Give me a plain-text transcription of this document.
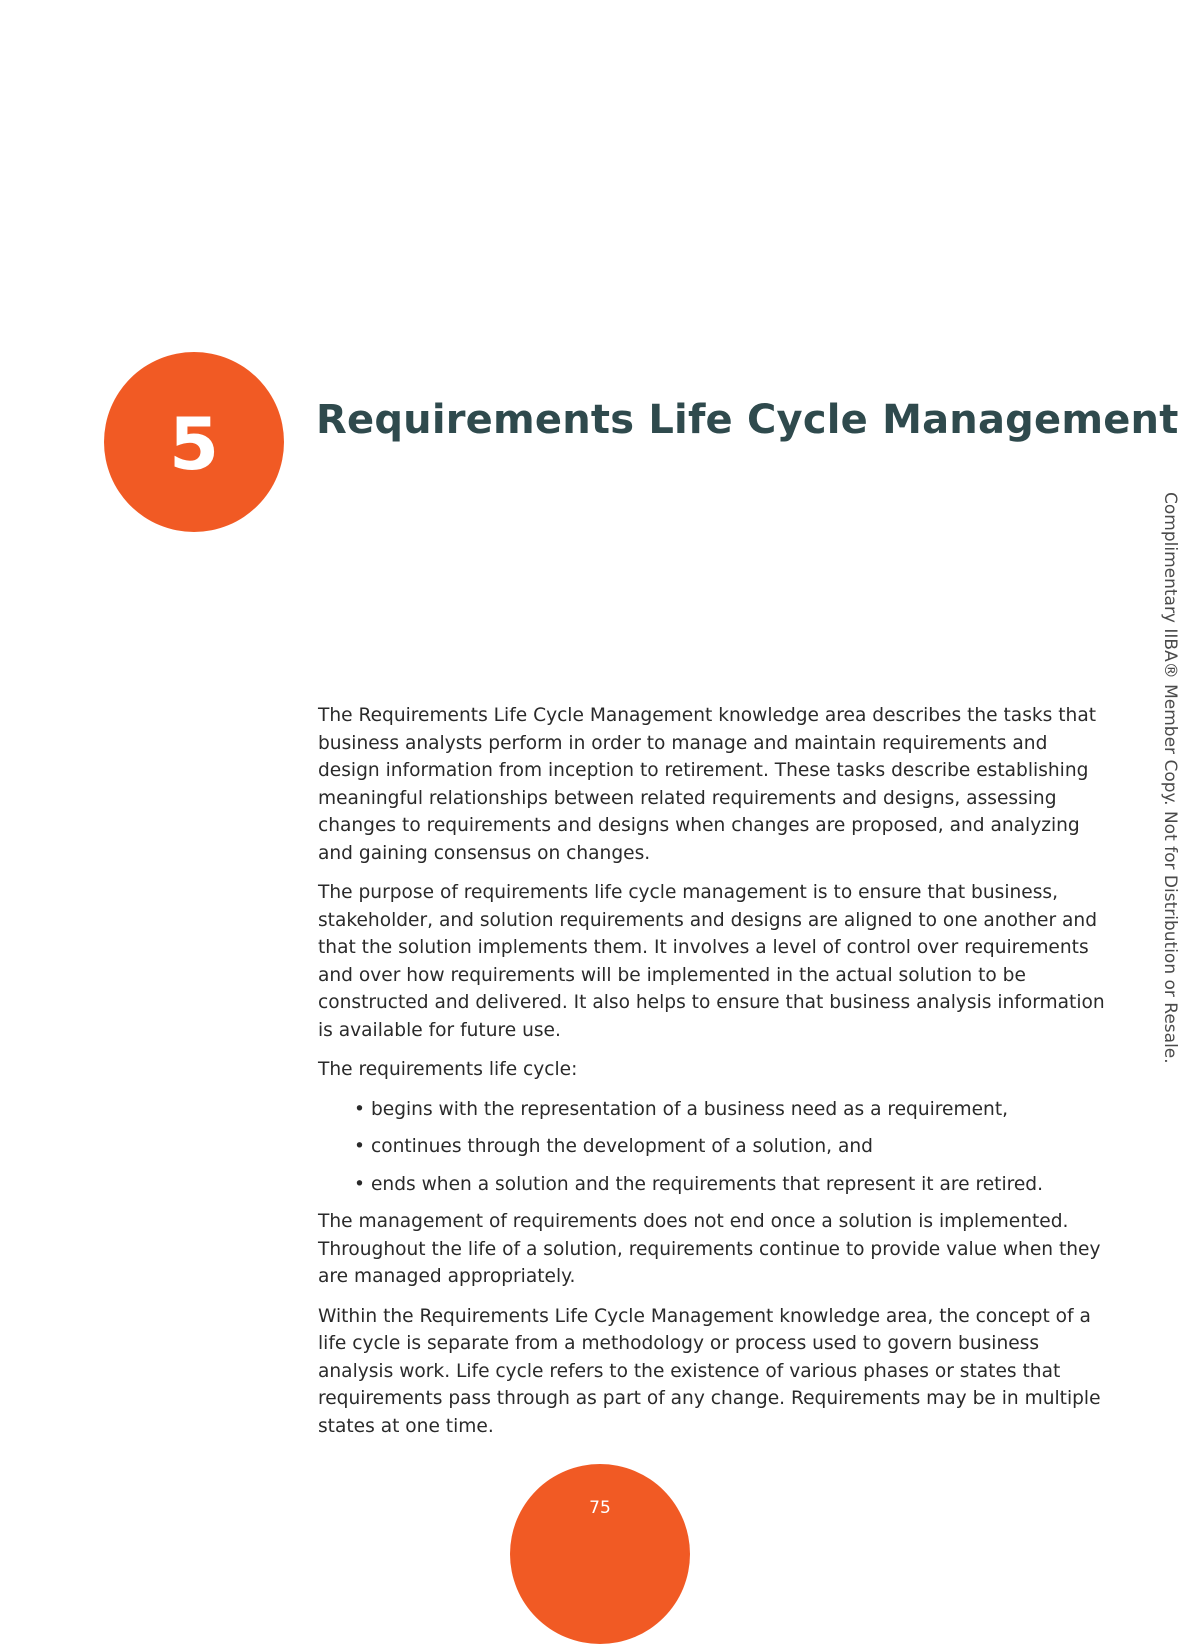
5 Requirements Life Cycle Management
Complimentary IIBA® Member Copy. Not for Distribution or Resale.

The Requirements Life Cycle Management knowledge area describes the tasks that business analysts perform in order to manage and maintain requirements and design information from inception to retirement. These tasks describe establishing meaningful relationships between related requirements and designs, assessing changes to requirements and designs when changes are proposed, and analyzing and gaining consensus on changes.

The purpose of requirements life cycle management is to ensure that business, stakeholder, and solution requirements and designs are aligned to one another and that the solution implements them. It involves a level of control over requirements and over how requirements will be implemented in the actual solution to be constructed and delivered. It also helps to ensure that business analysis information is available for future use.

The requirements life cycle:

• begins with the representation of a business need as a requirement,
• continues through the development of a solution, and
• ends when a solution and the requirements that represent it are retired.

The management of requirements does not end once a solution is implemented. Throughout the life of a solution, requirements continue to provide value when they are managed appropriately.

Within the Requirements Life Cycle Management knowledge area, the concept of a life cycle is separate from a methodology or process used to govern business analysis work. Life cycle refers to the existence of various phases or states that requirements pass through as part of any change. Requirements may be in multiple states at one time.

75
